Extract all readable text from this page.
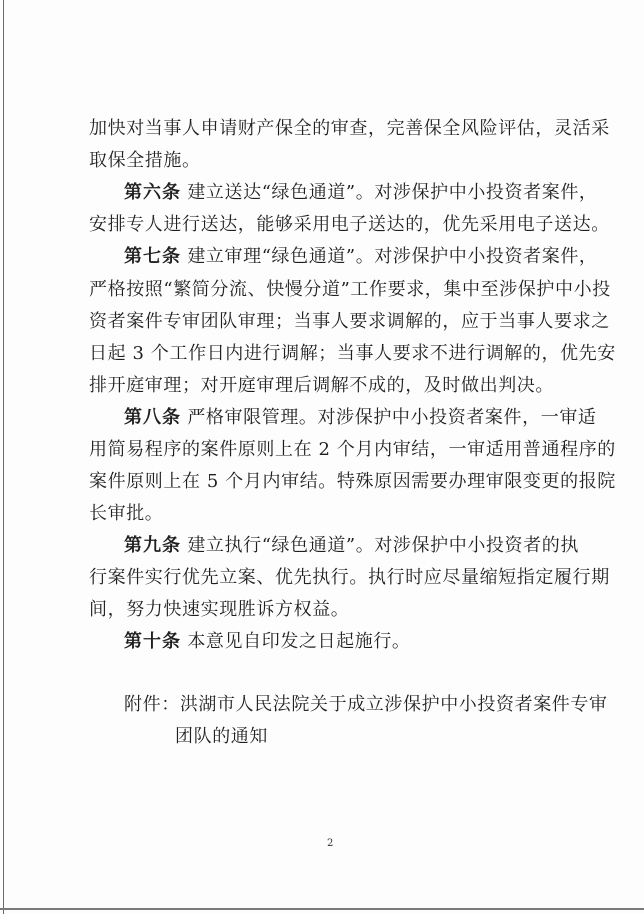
加快对当事人申请财产保全的审查，完善保全风险评估，灵活采
取保全措施。
第六条 建立送达“绿色通道”。对涉保护中小投资者案件，
安排专人进行送达，能够采用电子送达的，优先采用电子送达。
第七条 建立审理“绿色通道”。对涉保护中小投资者案件，
严格按照“繁简分流、快慢分道”工作要求，集中至涉保护中小投
资者案件专审团队审理；当事人要求调解的，应于当事人要求之
日起 3 个工作日内进行调解；当事人要求不进行调解的，优先安
排开庭审理；对开庭审理后调解不成的，及时做出判决。
第八条 严格审限管理。对涉保护中小投资者案件，一审适
用简易程序的案件原则上在 2 个月内审结，一审适用普通程序的
案件原则上在 5 个月内审结。特殊原因需要办理审限变更的报院
长审批。
第九条 建立执行“绿色通道”。对涉保护中小投资者的执
行案件实行优先立案、优先执行。执行时应尽量缩短指定履行期
间，努力快速实现胜诉方权益。
第十条 本意见自印发之日起施行。
附件：洪湖市人民法院关于成立涉保护中小投资者案件专审
团队的通知
2
